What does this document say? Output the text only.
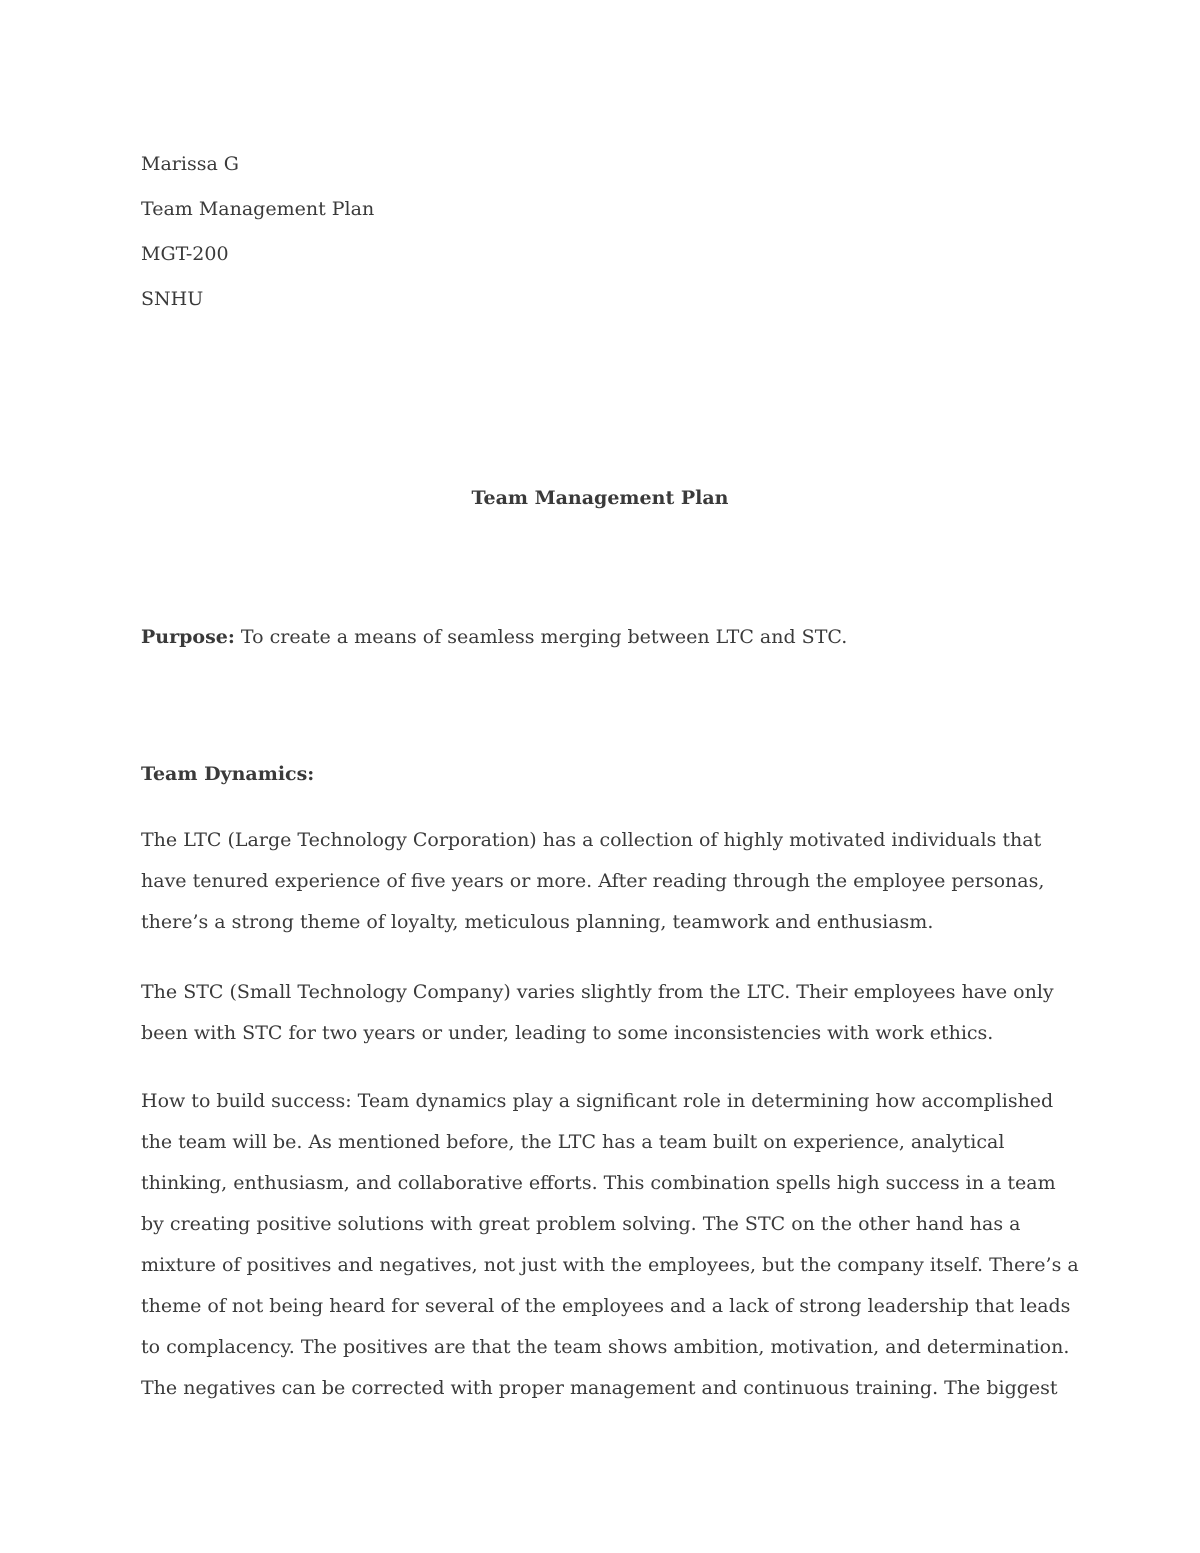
Marissa G
Team Management Plan
MGT-200
SNHU
Team Management Plan
Purpose: To create a means of seamless merging between LTC and STC.
Team Dynamics:
The LTC (Large Technology Corporation) has a collection of highly motivated individuals that
have tenured experience of five years or more. After reading through the employee personas,
there’s a strong theme of loyalty, meticulous planning, teamwork and enthusiasm.
The STC (Small Technology Company) varies slightly from the LTC. Their employees have only
been with STC for two years or under, leading to some inconsistencies with work ethics.
How to build success: Team dynamics play a significant role in determining how accomplished
the team will be. As mentioned before, the LTC has a team built on experience, analytical
thinking, enthusiasm, and collaborative efforts. This combination spells high success in a team
by creating positive solutions with great problem solving. The STC on the other hand has a
mixture of positives and negatives, not just with the employees, but the company itself. There’s a
theme of not being heard for several of the employees and a lack of strong leadership that leads
to complacency. The positives are that the team shows ambition, motivation, and determination.
The negatives can be corrected with proper management and continuous training. The biggest
